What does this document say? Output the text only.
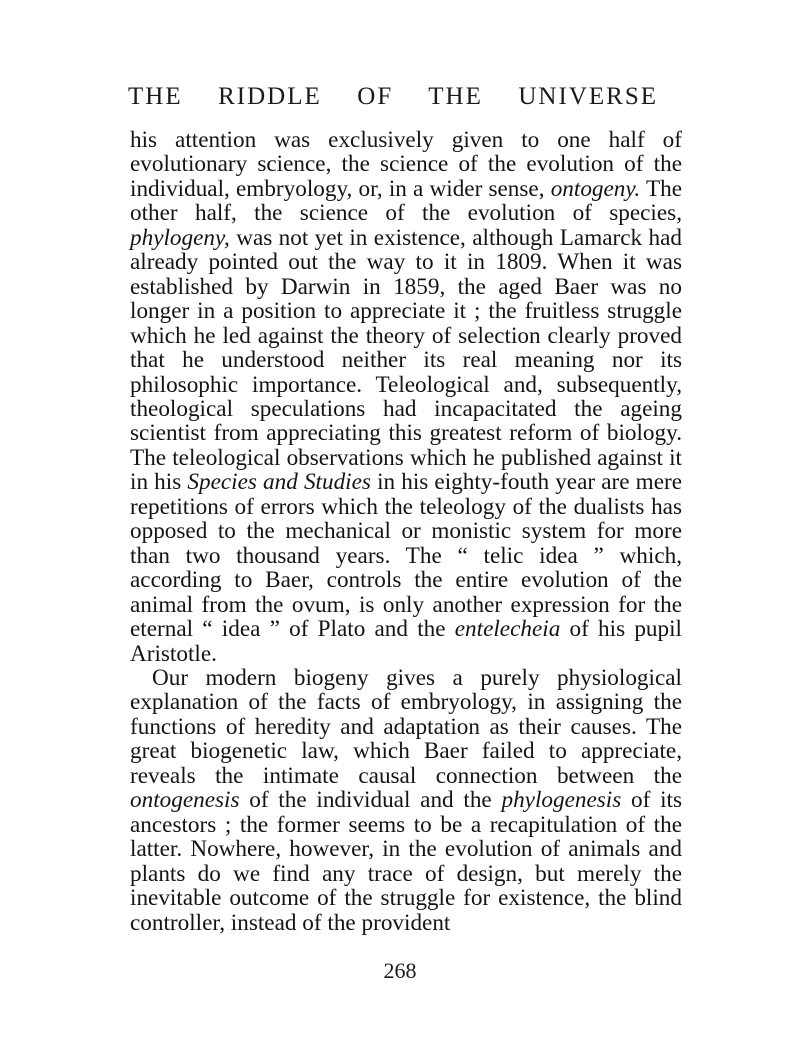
THE RIDDLE OF THE UNIVERSE

his attention was exclusively given to one half of evolutionary science, the science of the evolution of the individual, embryology, or, in a wider sense, ontogeny. The other half, the science of the evolution of species, phylogeny, was not yet in existence, although Lamarck had already pointed out the way to it in 1809. When it was established by Darwin in 1859, the aged Baer was no longer in a position to appreciate it ; the fruitless struggle which he led against the theory of selection clearly proved that he understood neither its real meaning nor its philosophic importance. Teleological and, subsequently, theological speculations had incapacitated the ageing scientist from appreciating this greatest reform of biology. The teleological observations which he published against it in his Species and Studies in his eighty-fouth year are mere repetitions of errors which the teleology of the dualists has opposed to the mechanical or monistic system for more than two thousand years. The “ telic idea ” which, according to Baer, controls the entire evolution of the animal from the ovum, is only another expression for the eternal “ idea ” of Plato and the entelecheia of his pupil Aristotle.

Our modern biogeny gives a purely physiological explanation of the facts of embryology, in assigning the functions of heredity and adaptation as their causes. The great biogenetic law, which Baer failed to appreciate, reveals the intimate causal connection between the ontogenesis of the individual and the phylogenesis of its ancestors ; the former seems to be a recapitulation of the latter. Nowhere, however, in the evolution of animals and plants do we find any trace of design, but merely the inevitable outcome of the struggle for existence, the blind controller, instead of the provident

268
